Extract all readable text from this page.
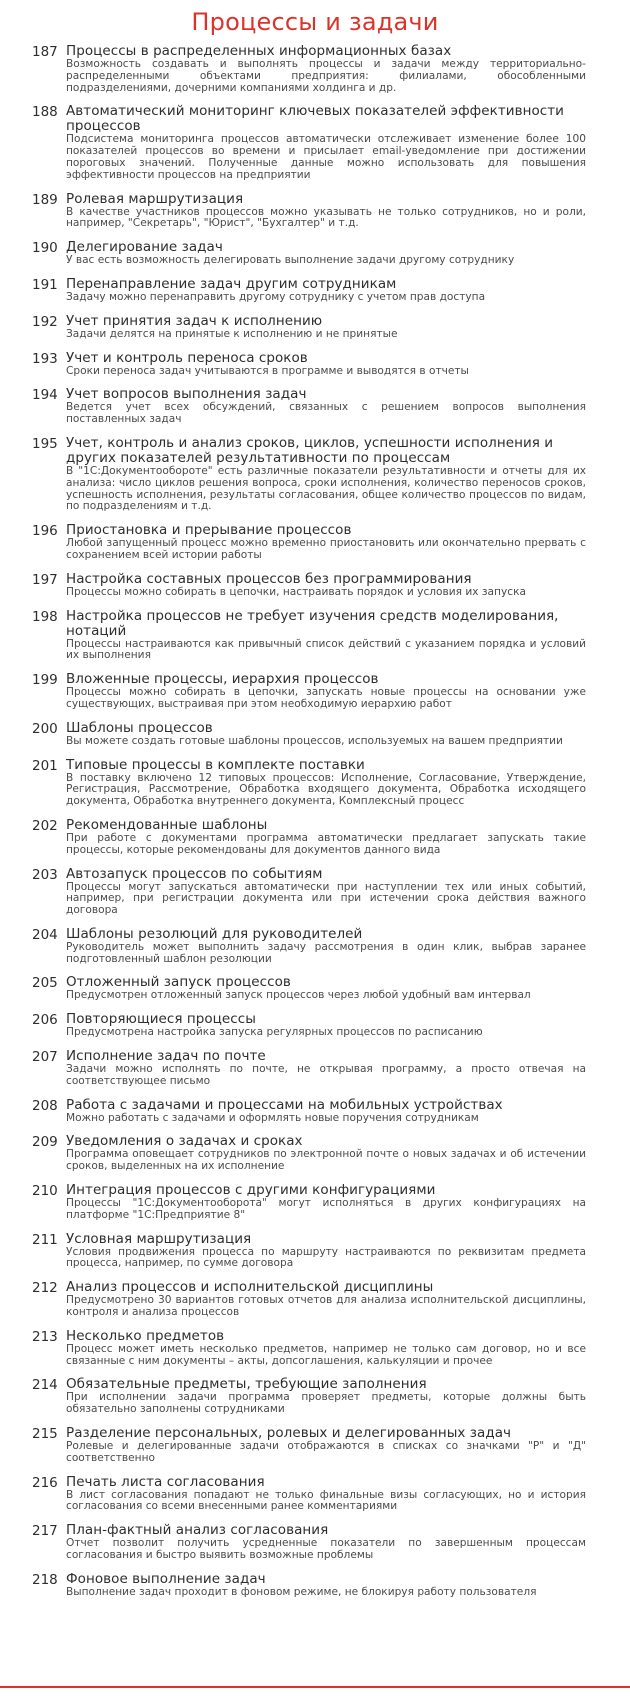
Процессы и задачи
187 Процессы в распределенных информационных базах
Возможность создавать и выполнять процессы и задачи между территориально-распределенными объектами предприятия: филиалами, обособленными подразделениями, дочерними компаниями холдинга и др.
188 Автоматический мониторинг ключевых показателей эффективности процессов
Подсистема мониторинга процессов автоматически отслеживает изменение более 100 показателей процессов во времени и присылает email-уведомление при достижении пороговых значений. Полученные данные можно использовать для повышения эффективности процессов на предприятии
189 Ролевая маршрутизация
В качестве участников процессов можно указывать не только сотрудников, но и роли, например, "Секретарь", "Юрист", "Бухгалтер" и т.д.
190 Делегирование задач
У вас есть возможность делегировать выполнение задачи другому сотруднику
191 Перенаправление задач другим сотрудникам
Задачу можно перенаправить другому сотруднику с учетом прав доступа
192 Учет принятия задач к исполнению
Задачи делятся на принятые к исполнению и не принятые
193 Учет и контроль переноса сроков
Сроки переноса задач учитываются в программе и выводятся в отчеты
194 Учет вопросов выполнения задач
Ведется учет всех обсуждений, связанных с решением вопросов выполнения поставленных задач
195 Учет, контроль и анализ сроков, циклов, успешности исполнения и других показателей результативности по процессам
В "1С:Документообороте" есть различные показатели результативности и отчеты для их анализа: число циклов решения вопроса, сроки исполнения, количество переносов сроков, успешность исполнения, результаты согласования, общее количество процессов по видам, по подразделениям и т.д.
196 Приостановка и прерывание процессов
Любой запущенный процесс можно временно приостановить или окончательно прервать с сохранением всей истории работы
197 Настройка составных процессов без программирования
Процессы можно собирать в цепочки, настраивать порядок и условия их запуска
198 Настройка процессов не требует изучения средств моделирования, нотаций
Процессы настраиваются как привычный список действий с указанием порядка и условий их выполнения
199 Вложенные процессы, иерархия процессов
Процессы можно собирать в цепочки, запускать новые процессы на основании уже существующих, выстраивая при этом необходимую иерархию работ
200 Шаблоны процессов
Вы можете создать готовые шаблоны процессов, используемых на вашем предприятии
201 Типовые процессы в комплекте поставки
В поставку включено 12 типовых процессов: Исполнение, Согласование, Утверждение, Регистрация, Рассмотрение, Обработка входящего документа, Обработка исходящего документа, Обработка внутреннего документа, Комплексный процесс
202 Рекомендованные шаблоны
При работе с документами программа автоматически предлагает запускать такие процессы, которые рекомендованы для документов данного вида
203 Автозапуск процессов по событиям
Процессы могут запускаться автоматически при наступлении тех или иных событий, например, при регистрации документа или при истечении срока действия важного договора
204 Шаблоны резолюций для руководителей
Руководитель может выполнить задачу рассмотрения в один клик, выбрав заранее подготовленный шаблон резолюции
205 Отложенный запуск процессов
Предусмотрен отложенный запуск процессов через любой удобный вам интервал
206 Повторяющиеся процессы
Предусмотрена настройка запуска регулярных процессов по расписанию
207 Исполнение задач по почте
Задачи можно исполнять по почте, не открывая программу, а просто отвечая на соответствующее письмо
208 Работа с задачами и процессами на мобильных устройствах
Можно работать с задачами и оформлять новые поручения сотрудникам
209 Уведомления о задачах и сроках
Программа оповещает сотрудников по электронной почте о новых задачах и об истечении сроков, выделенных на их исполнение
210 Интеграция процессов с другими конфигурациями
Процессы "1С:Документооборота" могут исполняться в других конфигурациях на платформе "1С:Предприятие 8"
211 Условная маршрутизация
Условия продвижения процесса по маршруту настраиваются по реквизитам предмета процесса, например, по сумме договора
212 Анализ процессов и исполнительской дисциплины
Предусмотрено 30 вариантов готовых отчетов для анализа исполнительской дисциплины, контроля и анализа процессов
213 Несколько предметов
Процесс может иметь несколько предметов, например не только сам договор, но и все связанные с ним документы – акты, допсоглашения, калькуляции и прочее
214 Обязательные предметы, требующие заполнения
При исполнении задачи программа проверяет предметы, которые должны быть обязательно заполнены сотрудниками
215 Разделение персональных, ролевых и делегированных задач
Ролевые и делегированные задачи отображаются в списках со значками "Р" и "Д" соответственно
216 Печать листа согласования
В лист согласования попадают не только финальные визы согласующих, но и история согласования со всеми внесенными ранее комментариями
217 План-фактный анализ согласования
Отчет позволит получить усредненные показатели по завершенным процессам согласования и быстро выявить возможные проблемы
218 Фоновое выполнение задач
Выполнение задач проходит в фоновом режиме, не блокируя работу пользователя
